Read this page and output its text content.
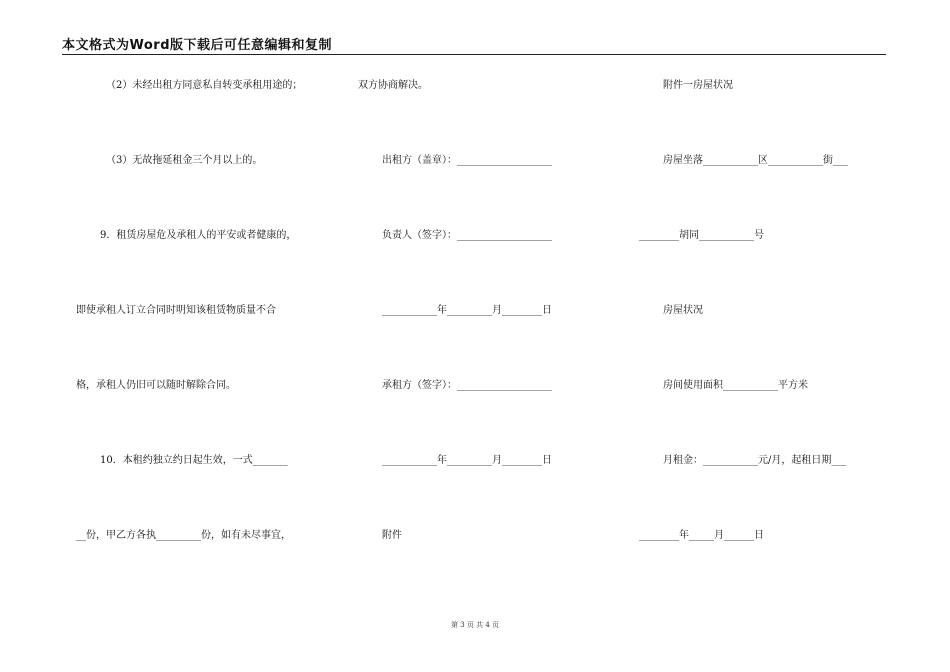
本文格式为Word版下载后可任意编辑和复制
（2）未经出租方同意私自转变承租用途的；
（3）无故拖延租金三个月以上的。
9．租赁房屋危及承租人的平安或者健康的，
即使承租人订立合同时明知该租赁物质量不合
格，承租人仍旧可以随时解除合同。
10．本租约独立约日起生效，一式_______
__份，甲乙方各执_________份，如有未尽事宜，
双方协商解决。
出租方（盖章）：___________________
负责人（签字）：___________________
___________年_________月________日
承租方（签字）：___________________
___________年_________月________日
附件
附件一房屋状况
房屋坐落___________区___________街___
________胡同___________号
房屋状况
房间使用面积___________平方米
月租金：___________元/月，起租日期___
________年_____月______日
第 3 页 共 4 页
